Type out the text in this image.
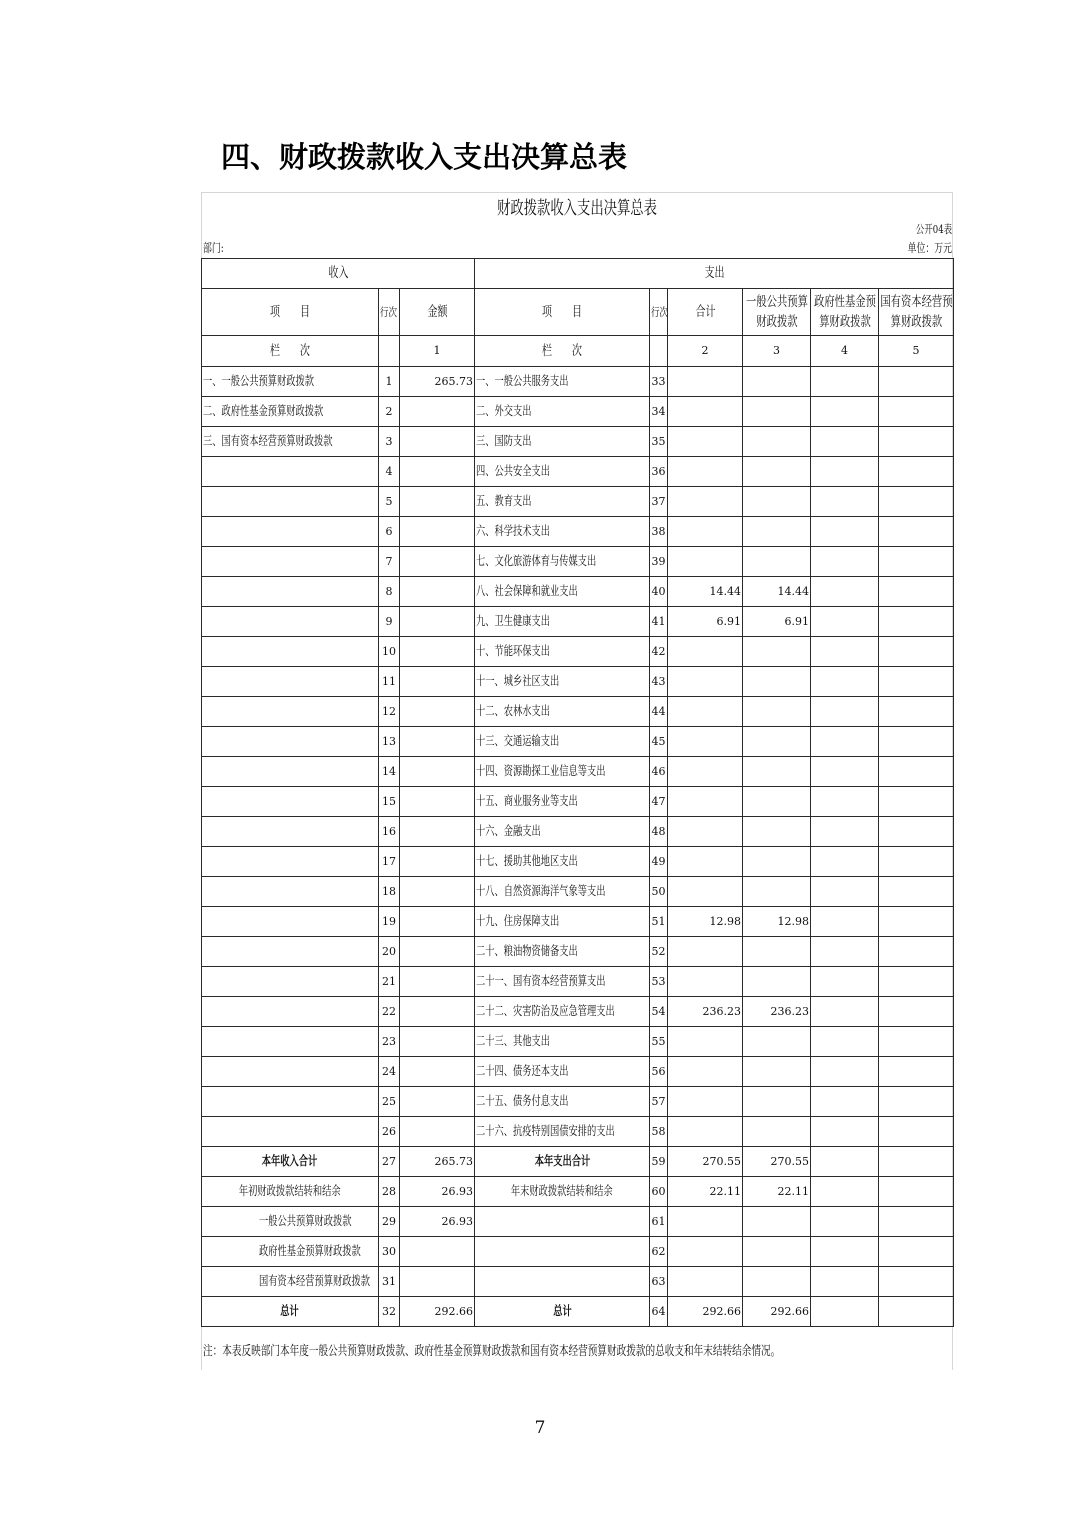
四、财政拨款收入支出决算总表
财政拨款收入支出决算总表
公开04表
部门:	单位：万元
收入			支出					
项　　目	行次	金额	项　　目	行次	合计	一般公共预算财政拨款	政府性基金预算财政拨款	国有资本经营预算财政拨款
栏　　次		1	栏　　次		2	3	4	5
一、一般公共预算财政拨款	1	265.73	一、一般公共服务支出	33				
二、政府性基金预算财政拨款	2		二、外交支出	34				
三、国有资本经营预算财政拨款	3		三、国防支出	35				
	4		四、公共安全支出	36				
	5		五、教育支出	37				
	6		六、科学技术支出	38				
	7		七、文化旅游体育与传媒支出	39				
	8		八、社会保障和就业支出	40	14.44	14.44		
	9		九、卫生健康支出	41	6.91	6.91		
	10		十、节能环保支出	42				
	11		十一、城乡社区支出	43				
	12		十二、农林水支出	44				
	13		十三、交通运输支出	45				
	14		十四、资源勘探工业信息等支出	46				
	15		十五、商业服务业等支出	47				
	16		十六、金融支出	48				
	17		十七、援助其他地区支出	49				
	18		十八、自然资源海洋气象等支出	50				
	19		十九、住房保障支出	51	12.98	12.98		
	20		二十、粮油物资储备支出	52				
	21		二十一、国有资本经营预算支出	53				
	22		二十二、灾害防治及应急管理支出	54	236.23	236.23		
	23		二十三、其他支出	55				
	24		二十四、债务还本支出	56				
	25		二十五、债务付息支出	57				
	26		二十六、抗疫特别国债安排的支出	58				
本年收入合计	27	265.73	本年支出合计	59	270.55	270.55		
年初财政拨款结转和结余	28	26.93	年末财政拨款结转和结余	60	22.11	22.11		
一般公共预算财政拨款	29	26.93		61				
政府性基金预算财政拨款	30			62				
国有资本经营预算财政拨款	31			63				
总计	32	292.66	总计	64	292.66	292.66		
注：本表反映部门本年度一般公共预算财政拨款、政府性基金预算财政拨款和国有资本经营预算财政拨款的总收支和年末结转结余情况。
7
